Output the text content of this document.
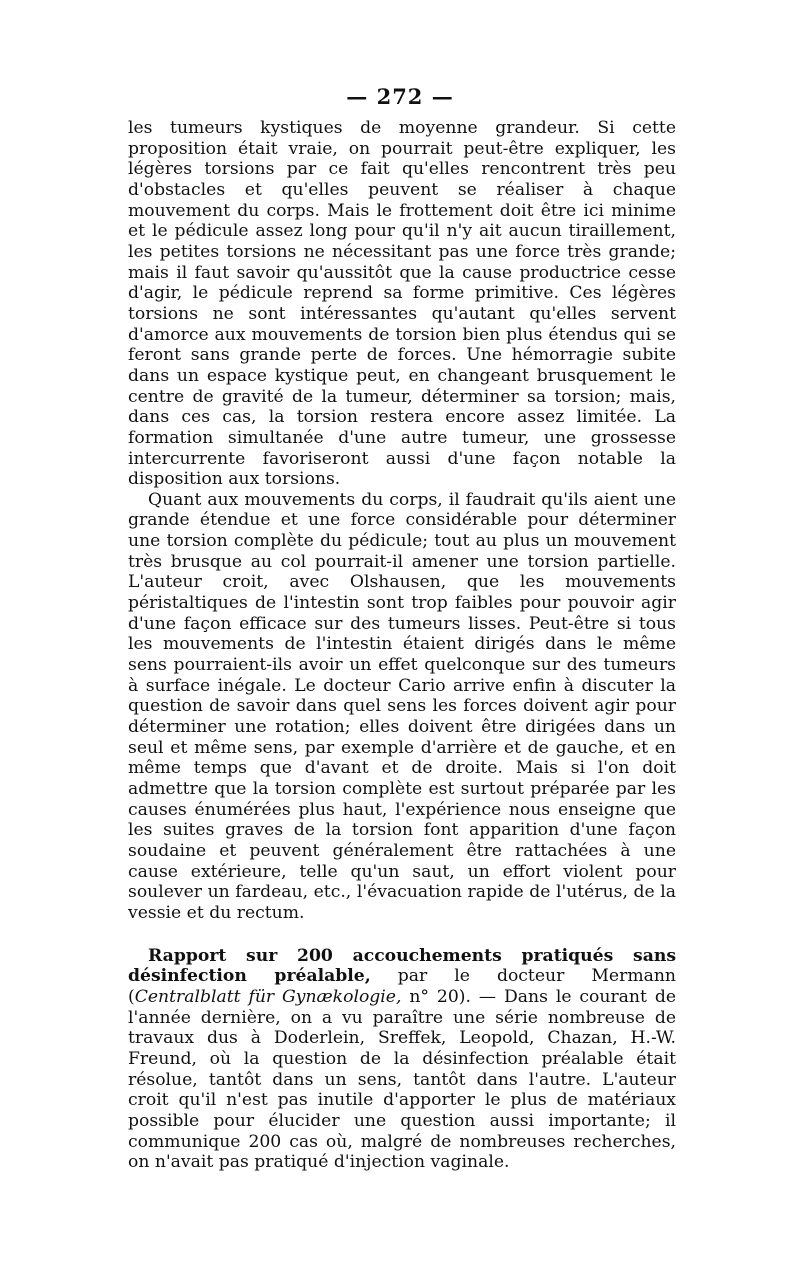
— 272 —

les tumeurs kystiques de moyenne grandeur. Si cette proposition était vraie, on pourrait peut-être expliquer, les légères torsions par ce fait qu'elles rencontrent très peu d'obstacles et qu'elles peuvent se réaliser à chaque mouvement du corps. Mais le frottement doit être ici minime et le pédicule assez long pour qu'il n'y ait aucun tiraillement, les petites torsions ne nécessitant pas une force très grande; mais il faut savoir qu'aussitôt que la cause productrice cesse d'agir, le pédicule reprend sa forme primitive. Ces légères torsions ne sont intéressantes qu'autant qu'elles servent d'amorce aux mouvements de torsion bien plus étendus qui se feront sans grande perte de forces. Une hémorragie subite dans un espace kystique peut, en changeant brusquement le centre de gravité de la tumeur, déterminer sa torsion; mais, dans ces cas, la torsion restera encore assez limitée. La formation simultanée d'une autre tumeur, une grossesse intercurrente favoriseront aussi d'une façon notable la disposition aux torsions.

Quant aux mouvements du corps, il faudrait qu'ils aient une grande étendue et une force considérable pour déterminer une torsion complète du pédicule; tout au plus un mouvement très brusque au col pourrait-il amener une torsion partielle. L'auteur croit, avec Olshausen, que les mouvements péristaltiques de l'intestin sont trop faibles pour pouvoir agir d'une façon efficace sur des tumeurs lisses. Peut-être si tous les mouvements de l'intestin étaient dirigés dans le même sens pourraient-ils avoir un effet quelconque sur des tumeurs à surface inégale. Le docteur Cario arrive enfin à discuter la question de savoir dans quel sens les forces doivent agir pour déterminer une rotation; elles doivent être dirigées dans un seul et même sens, par exemple d'arrière et de gauche, et en même temps que d'avant et de droite. Mais si l'on doit admettre que la torsion complète est surtout préparée par les causes énumérées plus haut, l'expérience nous enseigne que les suites graves de la torsion font apparition d'une façon soudaine et peuvent généralement être rattachées à une cause extérieure, telle qu'un saut, un effort violent pour soulever un fardeau, etc., l'évacuation rapide de l'utérus, de la vessie et du rectum.

Rapport sur 200 accouchements pratiqués sans désinfection préalable, par le docteur Mermann (Centralblatt für Gynækologie, n° 20). — Dans le courant de l'année dernière, on a vu paraître une série nombreuse de travaux dus à Doderlein, Sreffek, Leopold, Chazan, H.-W. Freund, où la question de la désinfection préalable était résolue, tantôt dans un sens, tantôt dans l'autre. L'auteur croit qu'il n'est pas inutile d'apporter le plus de matériaux possible pour élucider une question aussi importante; il communique 200 cas où, malgré de nombreuses recherches, on n'avait pas pratiqué d'injection vaginale.
